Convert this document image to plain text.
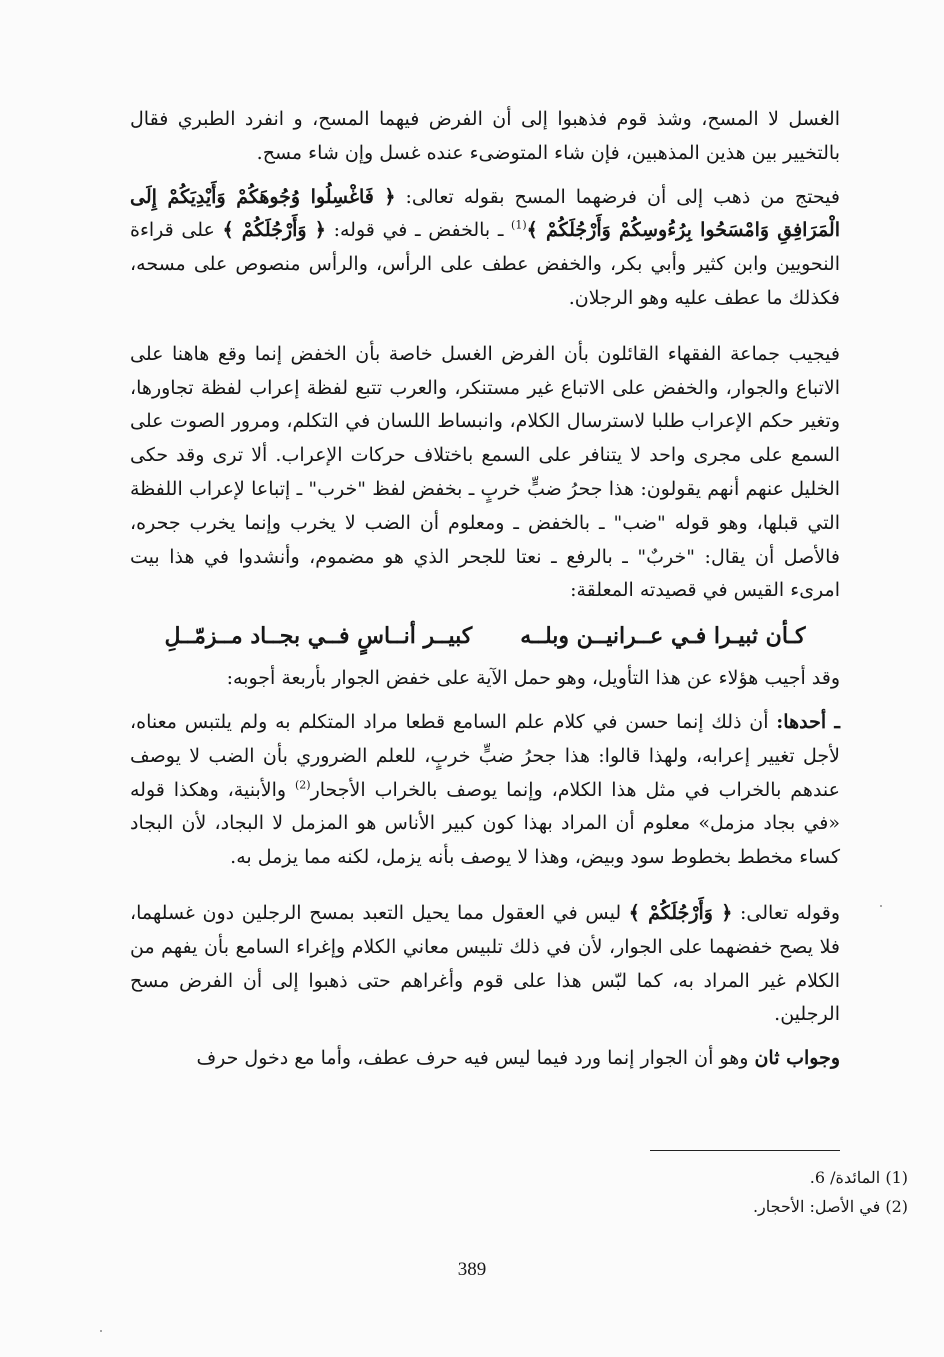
الغسل لا المسح، وشذ قوم فذهبوا إلى أن الفرض فيهما المسح، و انفرد الطبري فقال بالتخيير بين هذين المذهبين، فإن شاء المتوضىء عنده غسل وإن شاء مسح.

فيحتج من ذهب إلى أن فرضهما المسح بقوله تعالى: ﴿ فَاغْسِلُوا وُجُوهَكُمْ وَأَيْدِيَكُمْ إِلَى الْمَرَافِقِ وَامْسَحُوا بِرُءُوسِكُمْ وَأَرْجُلَكُمْ ﴾$^{(1)}$ ـ بالخفض ـ في قوله: ﴿ وَأَرْجُلَكُمْ ﴾ على قراءة النحويين وابن كثير وأبي بكر، والخفض عطف على الرأس، والرأس منصوص على مسحه، فكذلك ما عطف عليه وهو الرجلان.

فيجيب جماعة الفقهاء القائلون بأن الفرض الغسل خاصة بأن الخفض إنما وقع هاهنا على الاتباع والجوار، والخفض على الاتباع غير مستنكر، والعرب تتبع لفظة إعراب لفظة تجاورها، وتغير حكم الإعراب طلبا لاسترسال الكلام، وانبساط اللسان في التكلم، ومرور الصوت على السمع على مجرى واحد لا يتنافر على السمع باختلاف حركات الإعراب. ألا ترى وقد حكى الخليل عنهم أنهم يقولون: هذا جحرُ ضبٍّ خربٍ ـ بخفض لفظ "خرب" ـ إتباعا لإعراب اللفظة التي قبلها، وهو قوله "ضب" ـ بالخفض ـ ومعلوم أن الضب لا يخرب وإنما يخرب جحره، فالأصل أن يقال: "خربٌ" ـ بالرفع ـ نعتا للجحر الذي هو مضموم، وأنشدوا في هذا بيت امرىء القيس في قصيدته المعلقة:

كـأن ثبيـرا فـي عــرانيــن وبلــه
كبيــر أنــاسٍ فــي بجــاد مــزمّــلِ

وقد أجيب هؤلاء عن هذا التأويل، وهو حمل الآية على خفض الجوار بأربعة أجوبه:

ـ أحدها: أن ذلك إنما حسن في كلام علم السامع قطعا مراد المتكلم به ولم يلتبس معناه، لأجل تغيير إعرابه، ولهذا قالوا: هذا جحرُ ضبٍّ خربٍ، للعلم الضروري بأن الضب لا يوصف عندهم بالخراب في مثل هذا الكلام، وإنما يوصف بالخراب الأجحار$^{(2)}$ والأبنية، وهكذا قوله «في بجاد مزمل» معلوم أن المراد بهذا كون كبير الأناس هو المزمل لا البجاد، لأن البجاد كساء مخطط بخطوط سود وبيض، وهذا لا يوصف بأنه يزمل، لكنه مما يزمل به.

وقوله تعالى: ﴿ وَأَرْجُلَكُمْ ﴾ ليس في العقول مما يحيل التعبد بمسح الرجلين دون غسلهما، فلا يصح خفضهما على الجوار، لأن في ذلك تلبيس معاني الكلام وإغراء السامع بأن يفهم من الكلام غير المراد به، كما لبّس هذا على قوم وأغراهم حتى ذهبوا إلى أن الفرض مسح الرجلين.

وجواب ثان وهو أن الجوار إنما ورد فيما ليس فيه حرف عطف، وأما مع دخول حرف

(1) المائدة/ 6.
(2) في الأصل: الأحجار.
389
